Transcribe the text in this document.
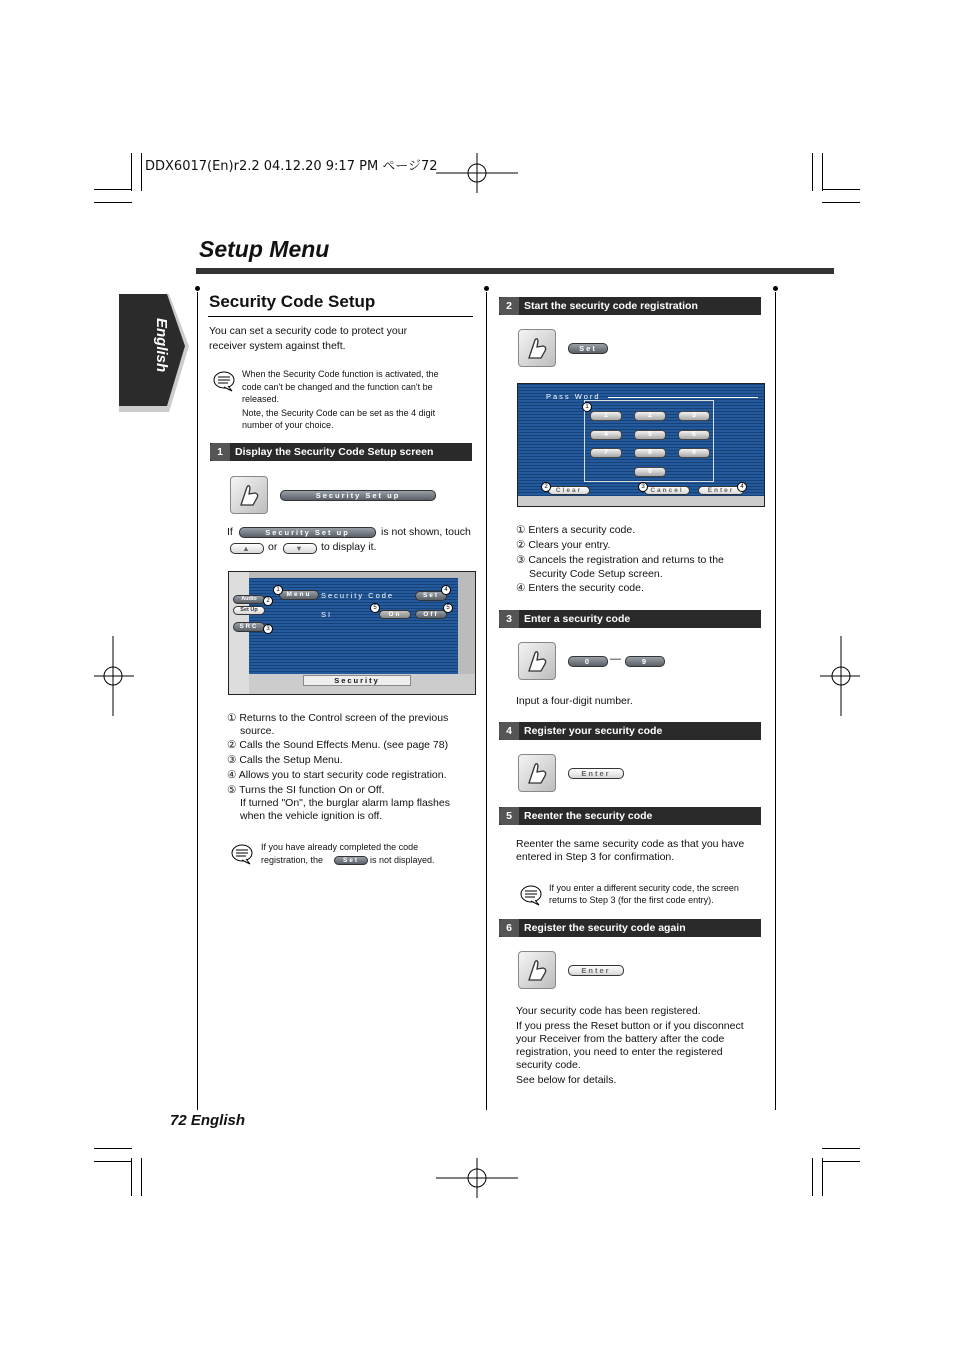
DDX6017(En)r2.2 04.12.20 9:17 PM ページ72
Setup Menu
English
Security Code Setup
You can set a security code to protect your
receiver system against theft.
When the Security Code function is activated, the
code can't be changed and the function can't be
released.
Note, the Security Code can be set as the 4 digit
number of your choice.
1	Display the Security Code Setup screen
Security Set up
If	Security Set up	is not shown, touch
▲	or	▼	to display it.
Menu	Security Code	Set
SI	On	Off
Audio
Set Up
SRC
Security
1
2
3
4
5	5
① Returns to the Control screen of the previous
source.
② Calls the Sound Effects Menu. (see page 78)
③ Calls the Setup Menu.
④ Allows you to start security code registration.
⑤ Turns the SI function On or Off.
If turned "On", the burglar alarm lamp flashes
when the vehicle ignition is off.
If you have already completed the code
registration, the	Set	is not displayed.
72 English
2	Start the security code registration
Set
Pass Word
1	2	3
4	5	6
7	8	9
0
Clear	Cancel	Enter
1
2	3	4
① Enters a security code.
② Clears your entry.
③ Cancels the registration and returns to the
Security Code Setup screen.
④ Enters the security code.
3	Enter a security code
0	—	9
Input a four-digit number.
4	Register your security code
Enter
5	Reenter the security code
Reenter the same security code as that you have
entered in Step 3 for confirmation.
If you enter a different security code, the screen
returns to Step 3 (for the first code entry).
6	Register the security code again
Enter
Your security code has been registered.
If you press the Reset button or if you disconnect
your Receiver from the battery after the code
registration, you need to enter the registered
security code.
See below for details.
